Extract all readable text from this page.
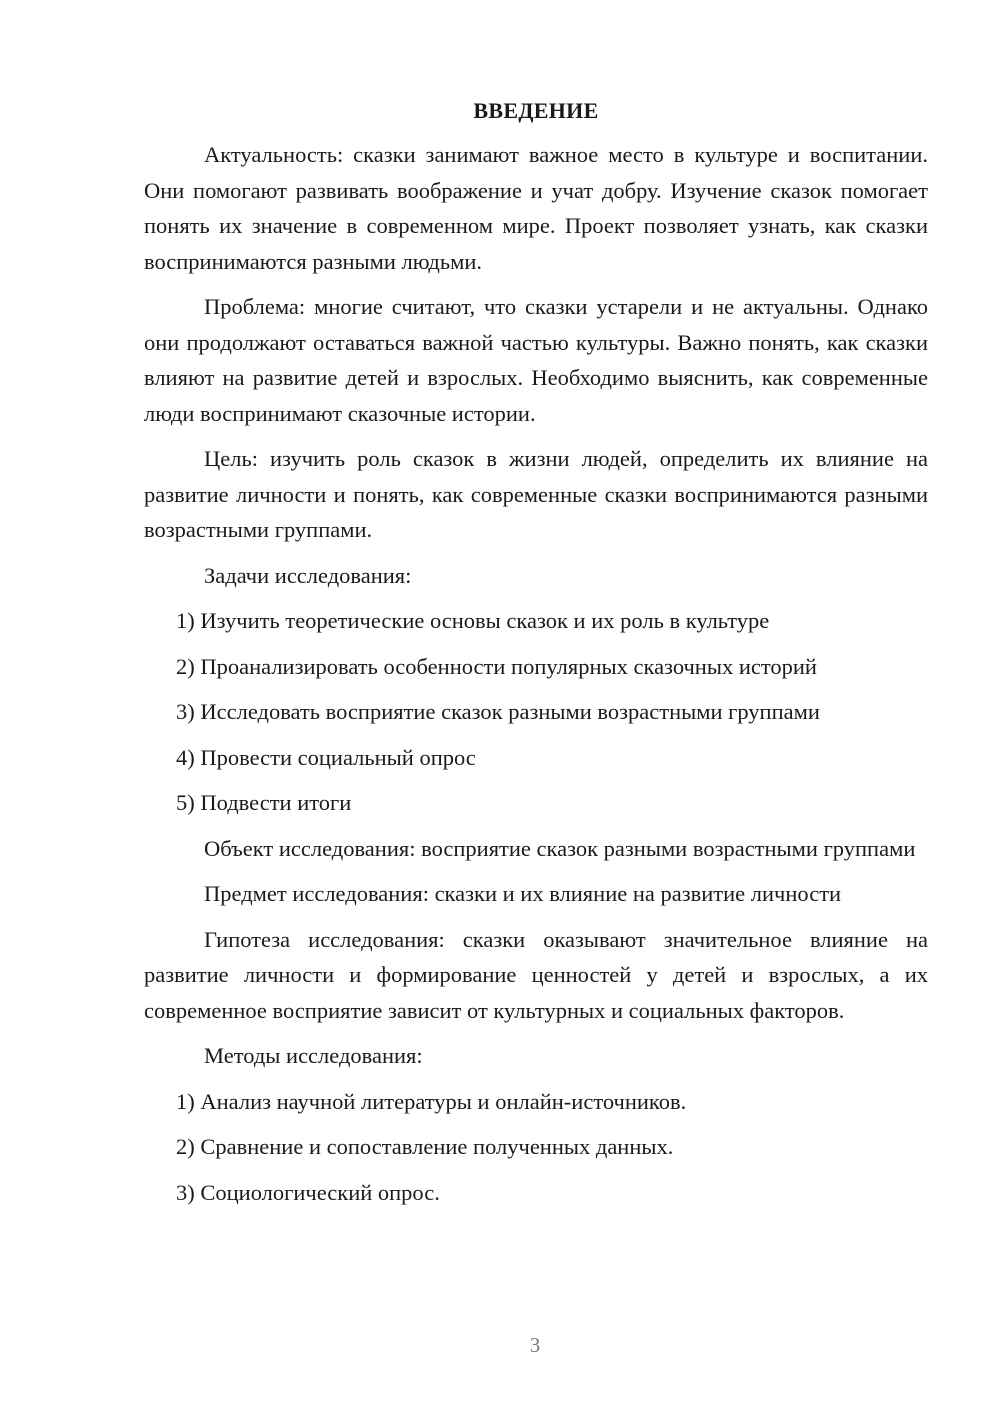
ВВЕДЕНИЕ

Актуальность: сказки занимают важное место в культуре и воспитании. Они помогают развивать воображение и учат добру. Изучение сказок помогает понять их значение в современном мире. Проект позволяет узнать, как сказки воспринимаются разными людьми.

Проблема: многие считают, что сказки устарели и не актуальны. Однако они продолжают оставаться важной частью культуры. Важно понять, как сказки влияют на развитие детей и взрослых. Необходимо выяснить, как современные люди воспринимают сказочные истории.

Цель: изучить роль сказок в жизни людей, определить их влияние на развитие личности и понять, как современные сказки воспринимаются разными возрастными группами.

Задачи исследования:

1) Изучить теоретические основы сказок и их роль в культуре

2) Проанализировать особенности популярных сказочных историй

3) Исследовать восприятие сказок разными возрастными группами

4) Провести социальный опрос

5) Подвести итоги

Объект исследования: восприятие сказок разными возрастными группами

Предмет исследования: сказки и их влияние на развитие личности

Гипотеза исследования: сказки оказывают значительное влияние на развитие личности и формирование ценностей у детей и взрослых, а их современное восприятие зависит от культурных и социальных факторов.

Методы исследования:

1) Анализ научной литературы и онлайн-источников.

2) Сравнение и сопоставление полученных данных.

3) Социологический опрос.

3
